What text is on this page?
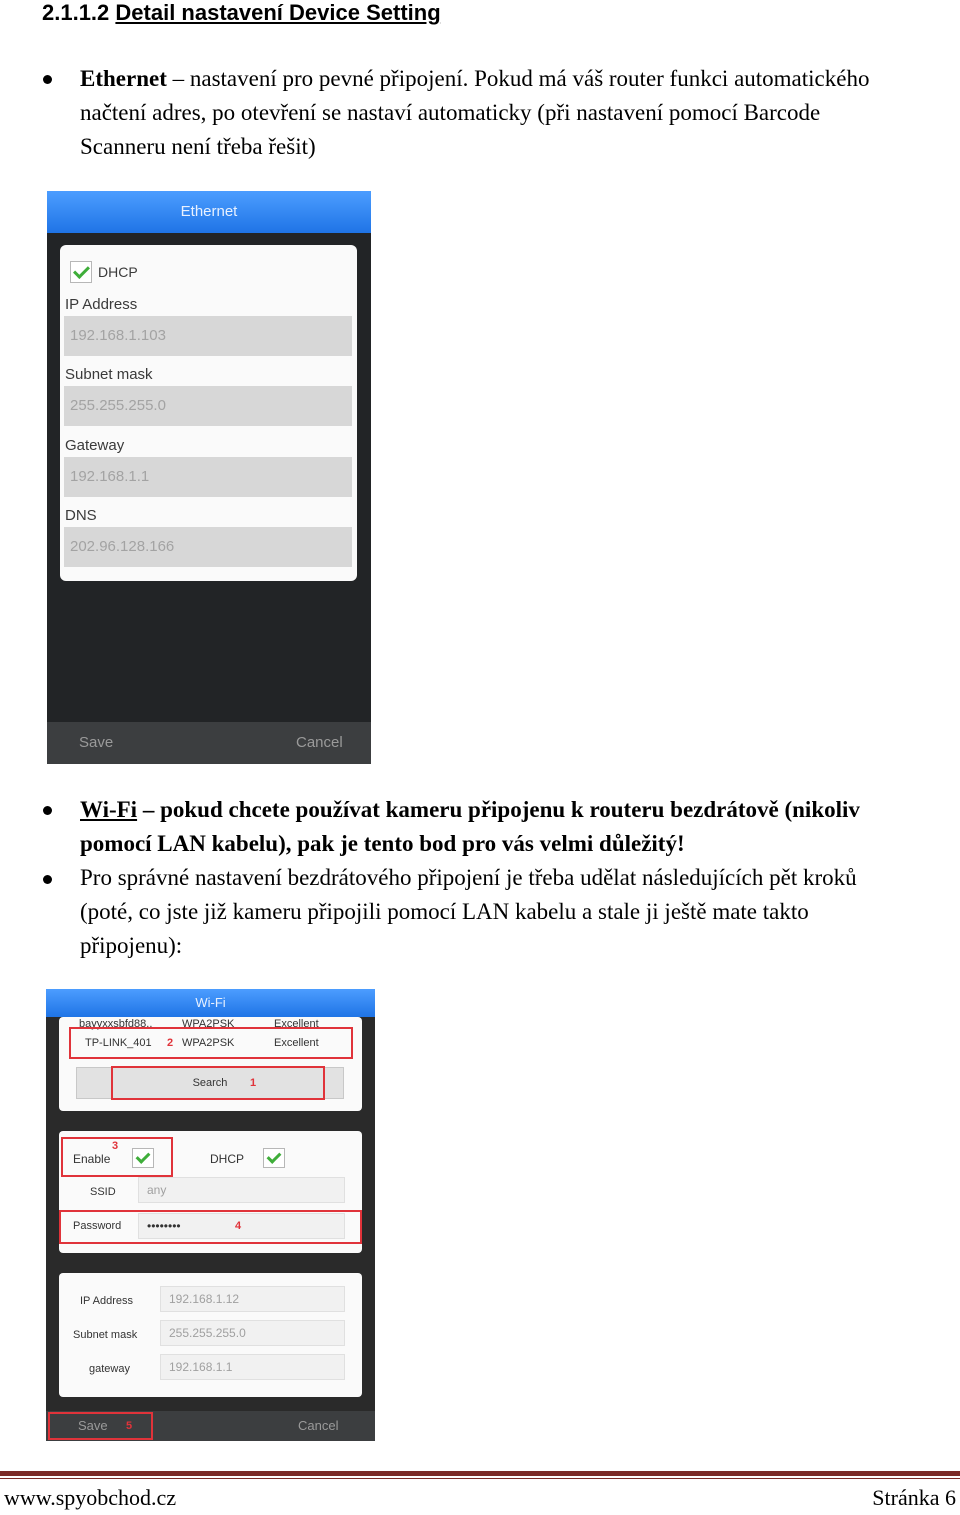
2.1.1.2 Detail nastavení Device Setting
Ethernet – nastavení pro pevné připojení. Pokud má váš router funkci automatického
načtení adres, po otevření se nastaví automaticky (při nastavení pomocí Barcode
Scanneru není třeba řešit)
Ethernet
DHCP
IP Address
192.168.1.103
Subnet mask
255.255.255.0
Gateway
192.168.1.1
DNS
202.96.128.166
Save	Cancel
Wi-Fi – pokud chcete používat kameru připojenu k routeru bezdrátově (nikoliv
pomocí LAN kabelu), pak je tento bod pro vás velmi důležitý!
Pro správné nastavení bezdrátového připojení je třeba udělat následujících pět kroků
(poté, co jste již kameru připojili pomocí LAN kabelu a stale ji ještě mate takto
připojenu):
Wi-Fi
bayyxxsbfd88..	WPA2PSK	Excellent
TP-LINK_401 2 WPA2PSK	Excellent
Search	1
3
Enable	DHCP
SSID	any
Password	••••••••	4
IP Address	192.168.1.12
Subnet mask	255.255.255.0
gateway	192.168.1.1
Save 5	Cancel
www.spyobchod.cz	Stránka 6
